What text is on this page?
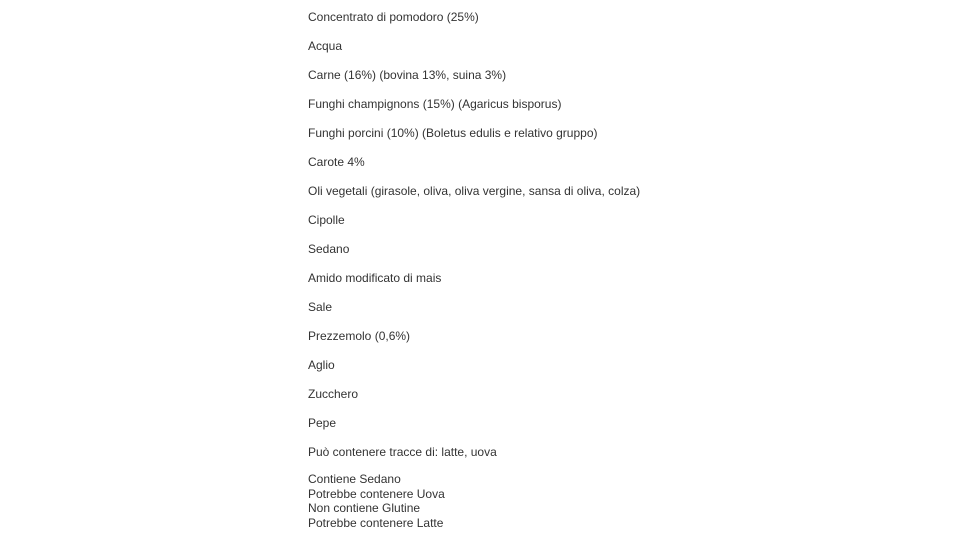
Concentrato di pomodoro (25%)
Acqua
Carne (16%) (bovina 13%, suina 3%)
Funghi champignons (15%) (Agaricus bisporus)
Funghi porcini (10%) (Boletus edulis e relativo gruppo)
Carote 4%
Oli vegetali (girasole, oliva, oliva vergine, sansa di oliva, colza)
Cipolle
Sedano
Amido modificato di mais
Sale
Prezzemolo (0,6%)
Aglio
Zucchero
Pepe
Può contenere tracce di: latte, uova
Contiene Sedano
Potrebbe contenere Uova
Non contiene Glutine
Potrebbe contenere Latte
